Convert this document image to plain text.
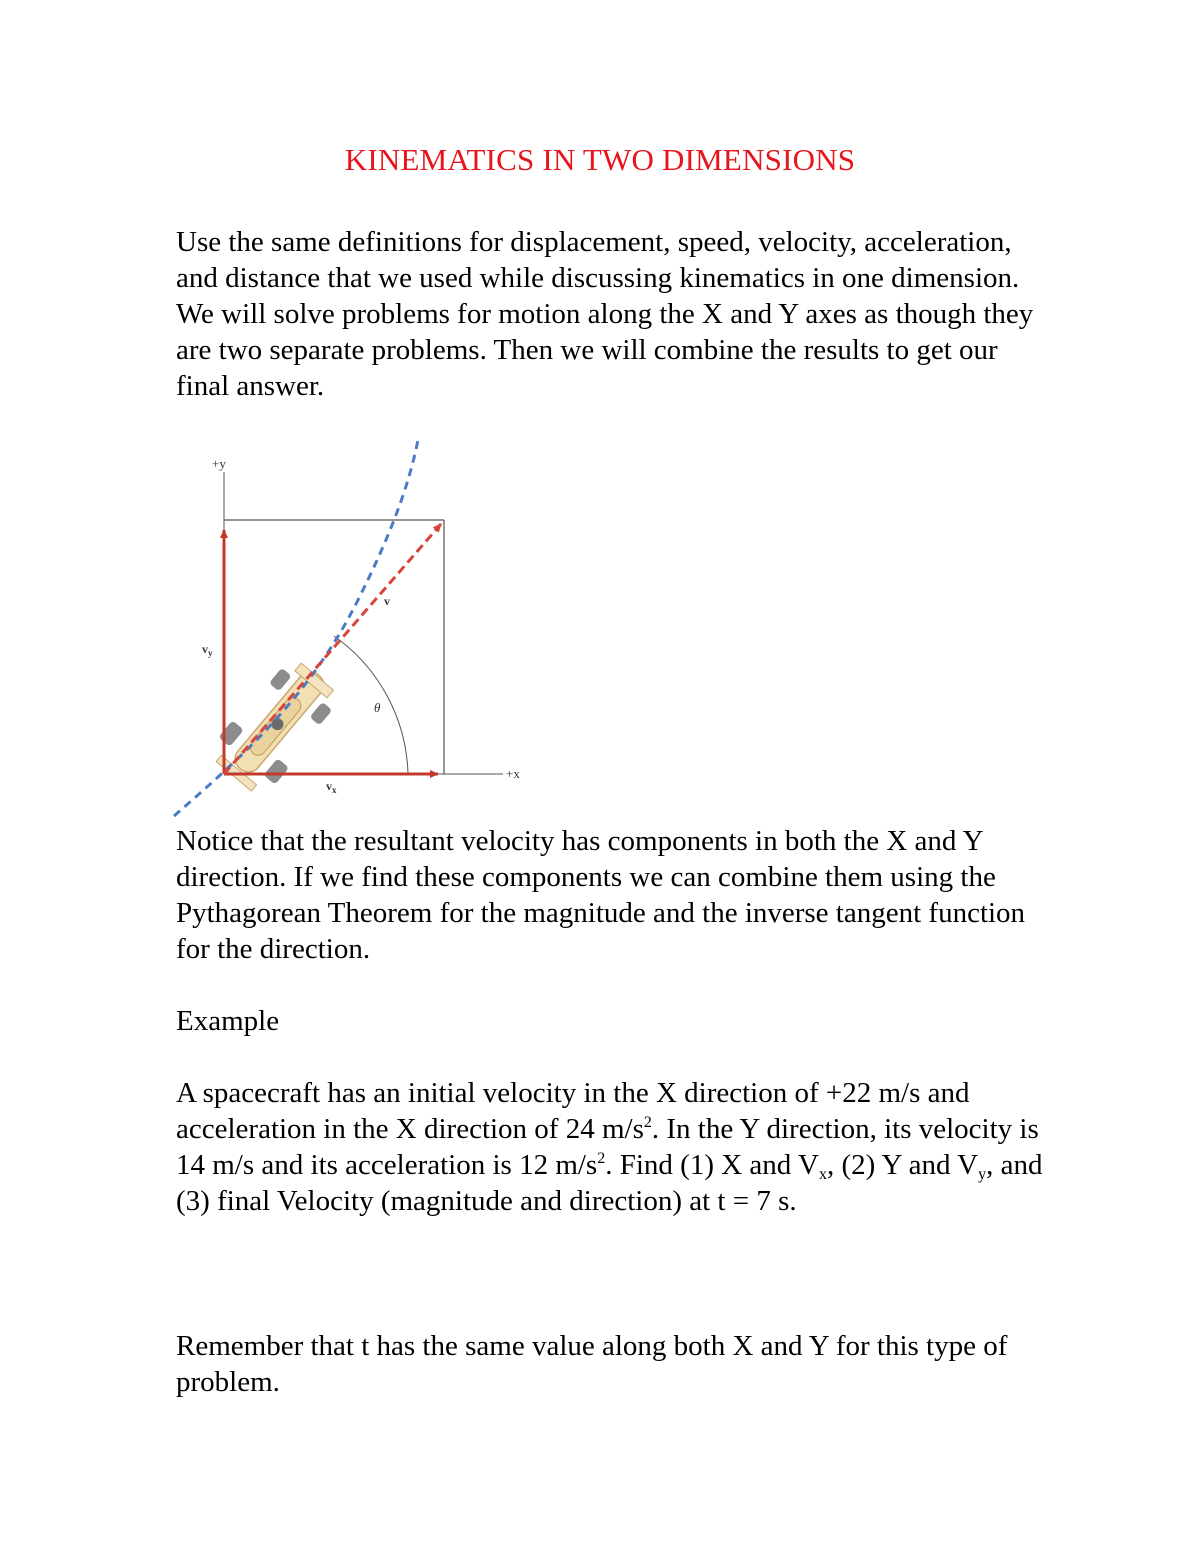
KINEMATICS IN TWO DIMENSIONS

Use the same definitions for displacement, speed, velocity, acceleration, and distance that we used while discussing kinematics in one dimension.

We will solve problems for motion along the X and Y axes as though they are two separate problems. Then we will combine the results to get our final answer.

+y
+x
$v_y$
$v_x$
v
θ
Notice that the resultant velocity has components in both the X and Y direction. If we find these components we can combine them using the Pythagorean Theorem for the magnitude and the inverse tangent function for the direction.
Example
A spacecraft has an initial velocity in the X direction of +22 m/s and acceleration in the X direction of 24 $m/s^2$. In the Y direction, its velocity is 14 m/s and its acceleration is 12 $m/s^2$. Find (1) X and $V_x$, (2) Y and $V_y$, and (3) final Velocity (magnitude and direction) at t = 7 s.
Remember that t has the same value along both X and Y for this type of problem.
